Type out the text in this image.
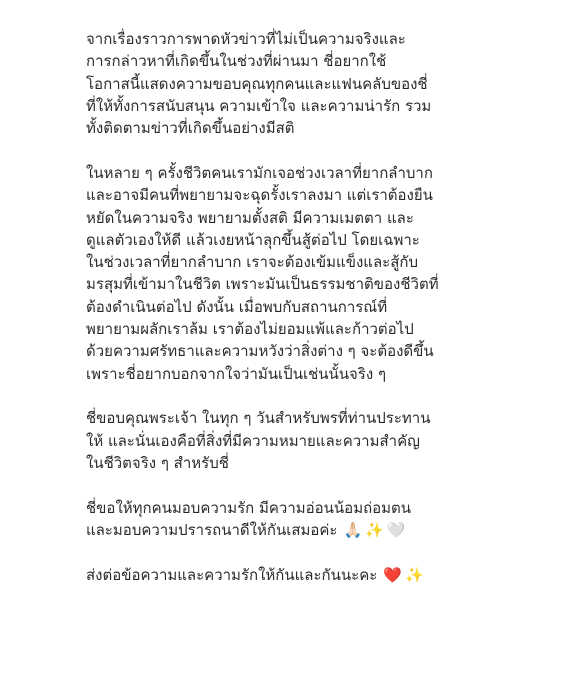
จากเรื่องราวการพาดหัวข่าวที่ไม่เป็นความจริงและ
การกล่าวหาที่เกิดขึ้นในช่วงที่ผ่านมา ชี่อยากใช้
โอกาสนี้แสดงความขอบคุณทุกคนและแฟนคลับของชี่
ที่ให้ทั้งการสนับสนุน ความเข้าใจ และความน่ารัก รวม
ทั้งติดตามข่าวที่เกิดขึ้นอย่างมีสติ
ในหลาย ๆ ครั้งชีวิตคนเรามักเจอช่วงเวลาที่ยากลำบาก
และอาจมีคนที่พยายามจะฉุดรั้งเราลงมา แต่เราต้องยืน
หยัดในความจริง พยายามตั้งสติ มีความเมตตา และ
ดูแลตัวเองให้ดี แล้วเงยหน้าลุกขึ้นสู้ต่อไป โดยเฉพาะ
ในช่วงเวลาที่ยากลำบาก เราจะต้องเข้มแข็งและสู้กับ
มรสุมที่เข้ามาในชีวิต เพราะมันเป็นธรรมชาติของชีวิตที่
ต้องดำเนินต่อไป ดังนั้น เมื่อพบกับสถานการณ์ที่
พยายามผลักเราล้ม เราต้องไม่ยอมแพ้และก้าวต่อไป
ด้วยความศรัทธาและความหวังว่าสิ่งต่าง ๆ จะต้องดีขึ้น
เพราะชี่อยากบอกจากใจว่ามันเป็นเช่นนั้นจริง ๆ
ชี่ขอบคุณพระเจ้า ในทุก ๆ วันสำหรับพรที่ท่านประทาน
ให้ และนั่นเองคือที่สิ่งที่มีความหมายและความสำคัญ
ในชีวิตจริง ๆ สำหรับชี่
ชี่ขอให้ทุกคนมอบความรัก มีความอ่อนน้อมถ่อมตน
และมอบความปรารถนาดีให้กันเสมอค่ะ 🙏🏻 ✨ 🤍
ส่งต่อข้อความและความรักให้กันและกันนะคะ ❤️ ✨
